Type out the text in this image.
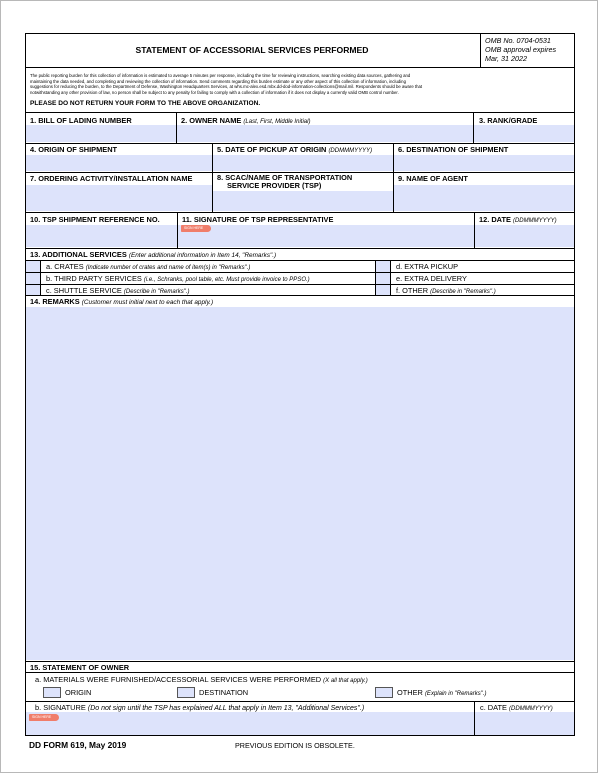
STATEMENT OF ACCESSORIAL SERVICES PERFORMED
OMB No. 0704-0531
OMB approval expires
Mar, 31 2022
The public reporting burden for this collection of information is estimated to average 5 minutes per response, including the time for reviewing instructions, searching existing data sources, gathering and
maintaining the data needed, and completing and reviewing the collection of information. Send comments regarding this burden estimate or any other aspect of this collection of information, including
suggestions for reducing the burden, to the Department of Defense, Washington Headquarters Services, at whs.mc-alex.esd.mbx.dd-dod-information-collections@mail.mil. Respondents should be aware that
notwithstanding any other provision of law, no person shall be subject to any penalty for failing to comply with a collection of information if it does not display a currently valid OMB control number.
PLEASE DO NOT RETURN YOUR FORM TO THE ABOVE ORGANIZATION.
1. BILL OF LADING NUMBER	2. OWNER NAME (Last, First, Middle Initial)	3. RANK/GRADE
4. ORIGIN OF SHIPMENT	5. DATE OF PICKUP AT ORIGIN (DDMMMYYYY)	6. DESTINATION OF SHIPMENT
7. ORDERING ACTIVITY/INSTALLATION NAME	8. SCAC/NAME OF TRANSPORTATION
SERVICE PROVIDER (TSP)
9. NAME OF AGENT
10. TSP SHIPMENT REFERENCE NO.	11. SIGNATURE OF TSP REPRESENTATIVE
SIGN HERE
12. DATE (DDMMMYYYY)
13. ADDITIONAL SERVICES (Enter additional information in Item 14, "Remarks".)
a. CRATES (Indicate number of crates and name of item(s) in "Remarks".)
b. THIRD PARTY SERVICES (i.e., Schranks, pool table, etc. Must provide invoice to PPSO.)
c. SHUTTLE SERVICE (Describe in "Remarks".)
d. EXTRA PICKUP
e. EXTRA DELIVERY
f. OTHER (Describe in "Remarks".)
14. REMARKS (Customer must initial next to each that apply.)
15. STATEMENT OF OWNER
a. MATERIALS WERE FURNISHED/ACCESSORIAL SERVICES WERE PERFORMED (X all that apply.)
ORIGIN	DESTINATION	OTHER (Explain in "Remarks".)
b. SIGNATURE (Do not sign until the TSP has explained ALL that apply in Item 13, "Additional Services".)
SIGN HERE
c. DATE (DDMMMYYYY)
DD FORM 619, May 2019	PREVIOUS EDITION IS OBSOLETE.
